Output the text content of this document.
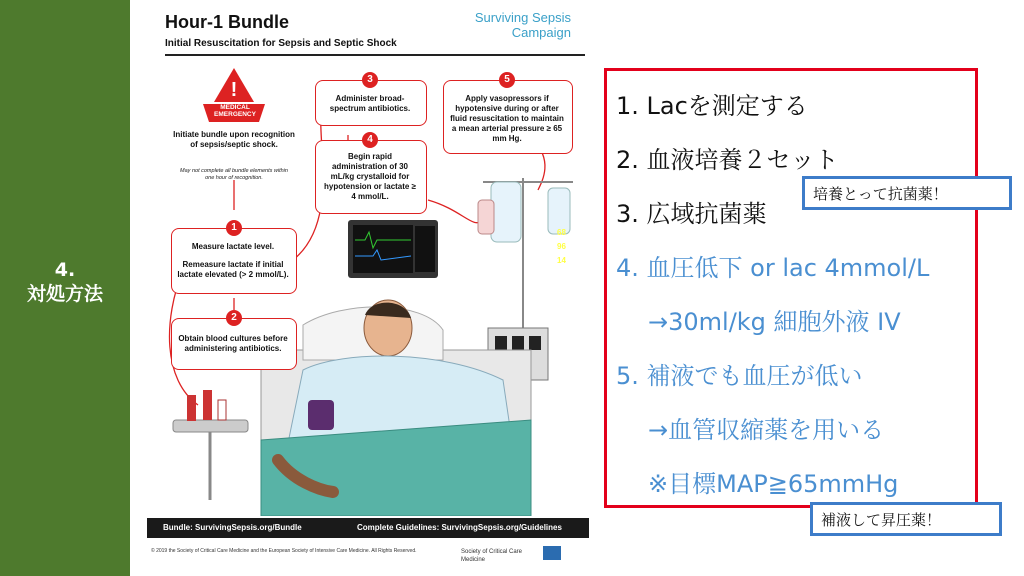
4.
対処方法
Hour-1 Bundle
Initial Resuscitation for Sepsis and Septic Shock
Surviving Sepsis
Campaign
!
MEDICAL
EMERGENCY
Initiate bundle upon recognition of sepsis/septic shock.
May not complete all bundle elements within one hour of recognition.
1
Measure lactate level.
Remeasure lactate if initial lactate elevated (> 2 mmol/L).
2
Obtain blood cultures before administering antibiotics.
3
Administer broad-spectrum antibiotics.
4
Begin rapid administration of 30 mL/kg crystalloid for hypotension or lactate ≥ 4 mmol/L.
5
Apply vasopressors if hypotensive during or after fluid resuscitation to maintain a mean arterial pressure ≥ 65 mm Hg.
68
96
14
Bundle: SurvivingSepsis.org/Bundle	Complete Guidelines: SurvivingSepsis.org/Guidelines
© 2019 the Society of Critical Care Medicine and the European Society of Intensive Care Medicine. All Rights Reserved.	Society of Critical Care Medicine
1. Lacを測定する
2. 血液培養２セット
3. 広域抗菌薬
4. 血圧低下 or lac 4mmol/L
→30ml/kg 細胞外液 IV
5. 補液でも血圧が低い
→血管収縮薬を用いる
※目標MAP≧65mmHg
培養とって抗菌薬！
補液して昇圧薬！
